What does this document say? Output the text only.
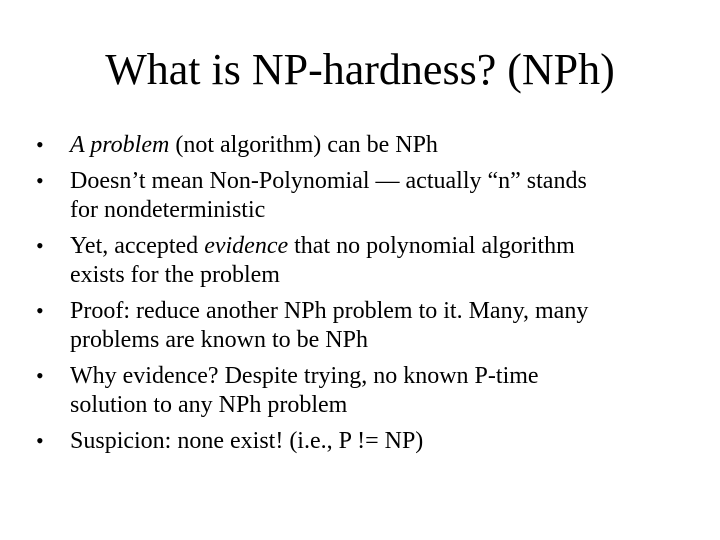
What is NP-hardness? (NPh)
• A problem (not algorithm) can be NPh
• Doesn’t mean Non-Polynomial — actually “n” stands
for nondeterministic
• Yet, accepted evidence that no polynomial algorithm
exists for the problem
• Proof: reduce another NPh problem to it. Many, many
problems are known to be NPh
• Why evidence? Despite trying, no known P-time
solution to any NPh problem
• Suspicion: none exist! (i.e., P != NP)
